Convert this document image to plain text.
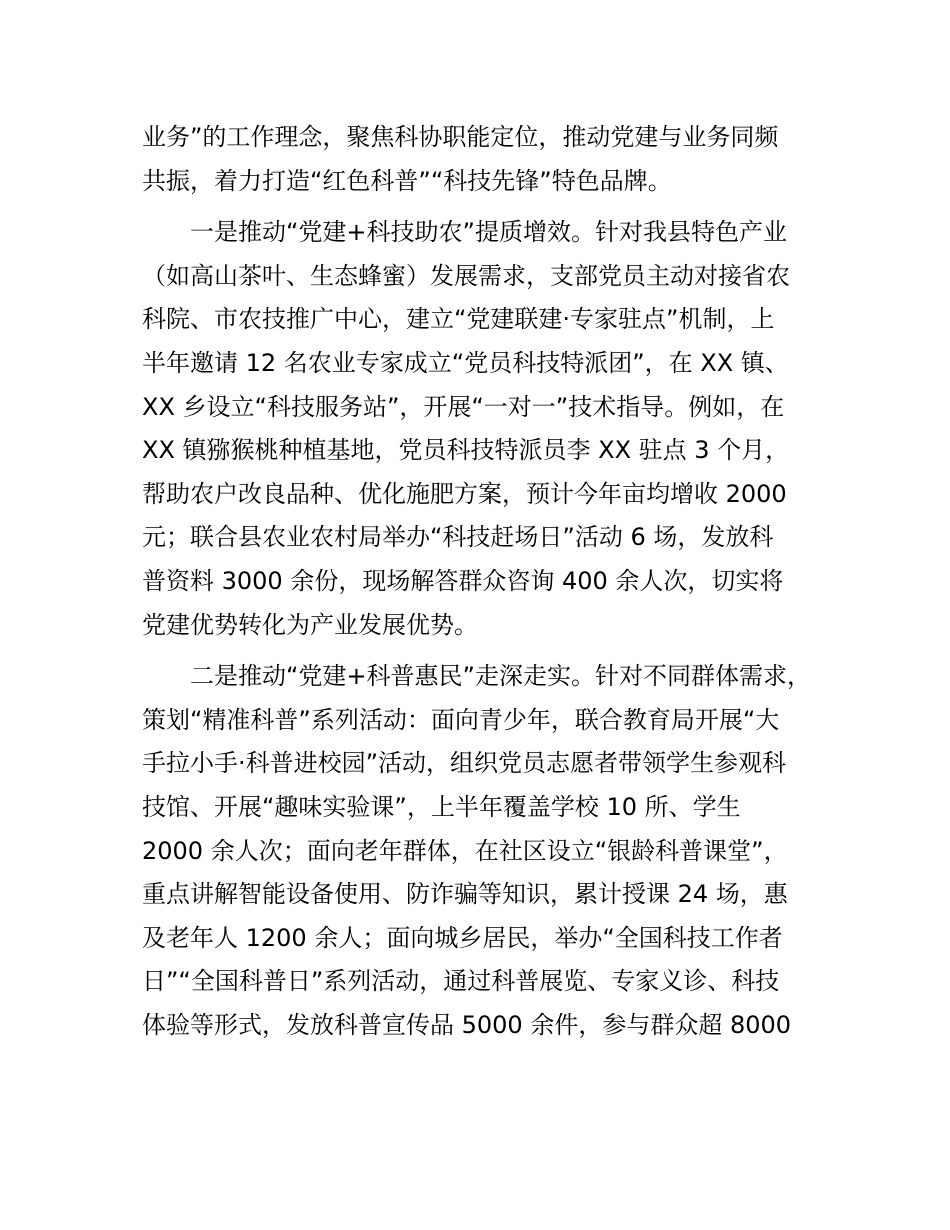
业务”的工作理念，聚焦科协职能定位，推动党建与业务同频
共振，着力打造“红色科普”“科技先锋”特色品牌。
一是推动“党建+科技助农”提质增效。针对我县特色产业
（如高山茶叶、生态蜂蜜）发展需求，支部党员主动对接省农
科院、市农技推广中心，建立“党建联建·专家驻点”机制，上
半年邀请 12 名农业专家成立“党员科技特派团”，在 XX 镇、
XX 乡设立“科技服务站”，开展“一对一”技术指导。例如，在
XX 镇猕猴桃种植基地，党员科技特派员李 XX 驻点 3 个月，
帮助农户改良品种、优化施肥方案，预计今年亩均增收 2000
元；联合县农业农村局举办“科技赶场日”活动 6 场，发放科
普资料 3000 余份，现场解答群众咨询 400 余人次，切实将
党建优势转化为产业发展优势。
二是推动“党建+科普惠民”走深走实。针对不同群体需求，
策划“精准科普”系列活动：面向青少年，联合教育局开展“大
手拉小手·科普进校园”活动，组织党员志愿者带领学生参观科
技馆、开展“趣味实验课”，上半年覆盖学校 10 所、学生
2000 余人次；面向老年群体，在社区设立“银龄科普课堂”，
重点讲解智能设备使用、防诈骗等知识，累计授课 24 场，惠
及老年人 1200 余人；面向城乡居民，举办“全国科技工作者
日”“全国科普日”系列活动，通过科普展览、专家义诊、科技
体验等形式，发放科普宣传品 5000 余件，参与群众超 8000
